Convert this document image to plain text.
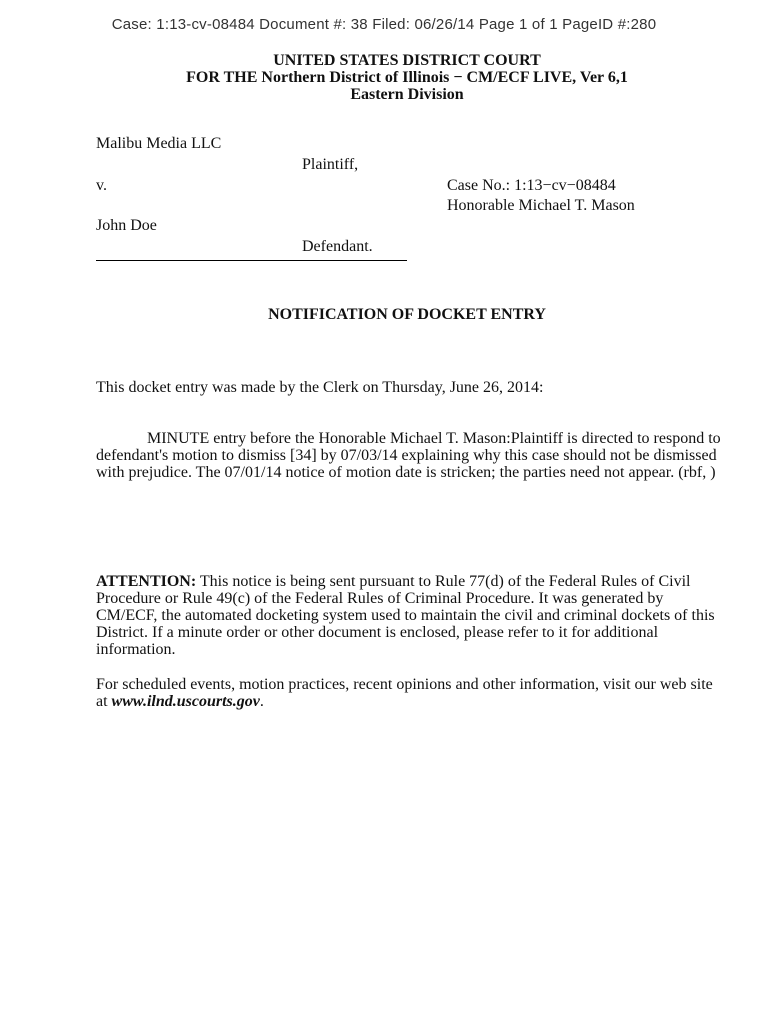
Case: 1:13-cv-08484 Document #: 38 Filed: 06/26/14 Page 1 of 1 PageID #:280
UNITED STATES DISTRICT COURT
FOR THE Northern District of Illinois − CM/ECF LIVE, Ver 6,1
Eastern Division
Malibu Media LLC
Plaintiff,
v.	Case No.: 1:13−cv−08484
Honorable Michael T. Mason
John Doe
Defendant.
NOTIFICATION OF DOCKET ENTRY
This docket entry was made by the Clerk on Thursday, June 26, 2014:
MINUTE entry before the Honorable Michael T. Mason:Plaintiff is directed to respond to defendant's motion to dismiss [34] by 07/03/14 explaining why this case should not be dismissed with prejudice. The 07/01/14 notice of motion date is stricken; the parties need not appear. (rbf, )
ATTENTION: This notice is being sent pursuant to Rule 77(d) of the Federal Rules of Civil Procedure or Rule 49(c) of the Federal Rules of Criminal Procedure. It was generated by CM/ECF, the automated docketing system used to maintain the civil and criminal dockets of this District. If a minute order or other document is enclosed, please refer to it for additional information.
For scheduled events, motion practices, recent opinions and other information, visit our web site at www.ilnd.uscourts.gov.
